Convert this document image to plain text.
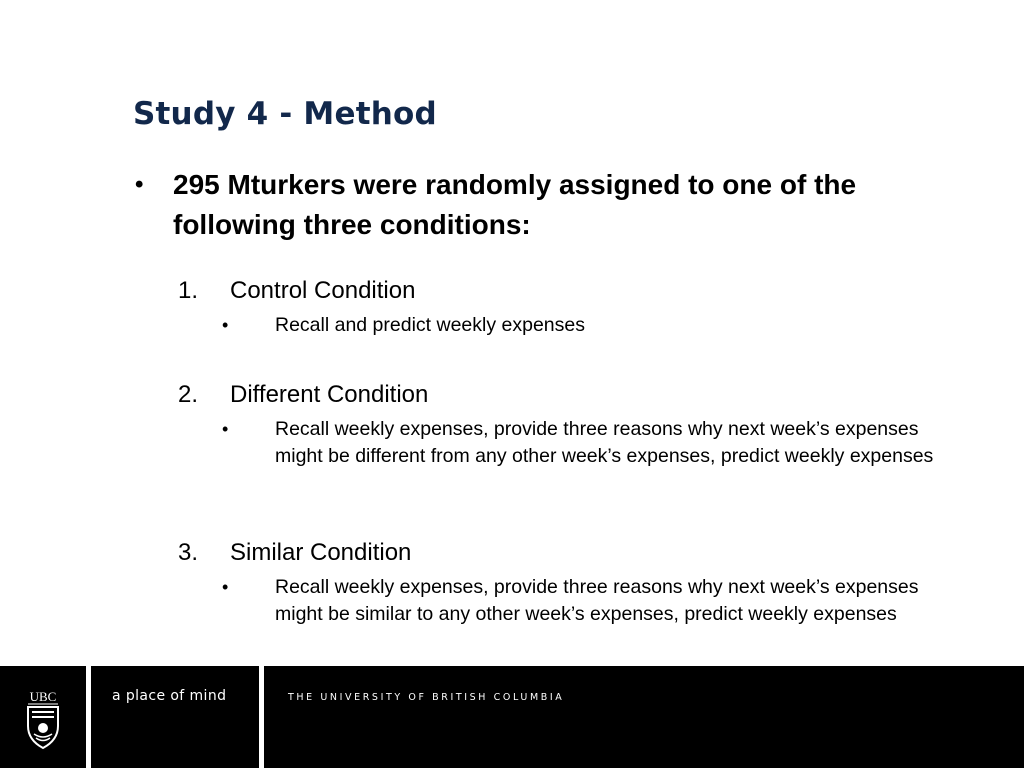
Study 4 - Method
• 295 Mturkers were randomly assigned to one of the following three conditions:
1. Control Condition
• Recall and predict weekly expenses
2. Different Condition
• Recall weekly expenses, provide three reasons why next week’s expenses might be different from any other week’s expenses, predict weekly expenses
3. Similar Condition
• Recall weekly expenses, provide three reasons why next week’s expenses might be similar to any other week’s expenses, predict weekly expenses
UBC	a place of mind	THE UNIVERSITY OF BRITISH COLUMBIA
